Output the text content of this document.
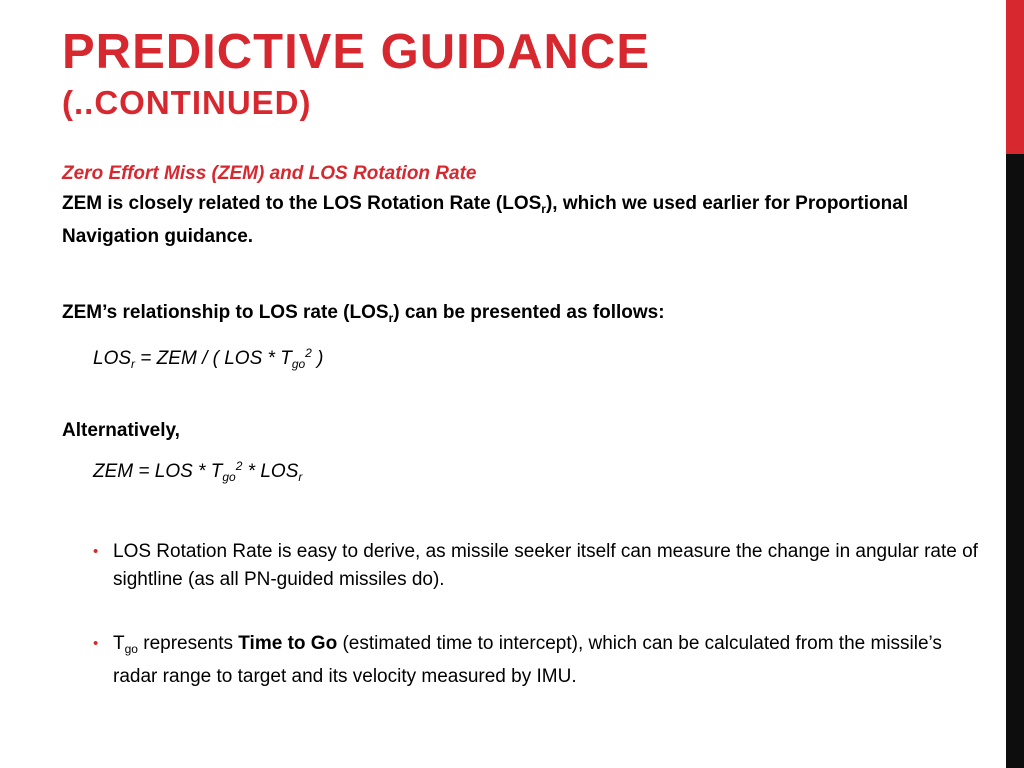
PREDICTIVE GUIDANCE
(..CONTINUED)

Zero Effort Miss (ZEM) and LOS Rotation Rate

ZEM is closely related to the LOS Rotation Rate $(LOS_r)$, which we used earlier for Proportional Navigation guidance.

ZEM’s relationship to LOS rate $(LOS_r)$ can be presented as follows:

$LOS_r$ = ZEM / ( LOS * $T_{go}^2$ )

Alternatively,

ZEM = LOS * $T_{go}^2 * LOS_r$

• LOS Rotation Rate is easy to derive, as missile seeker itself can measure the change in angular rate of sightline (as all PN-guided missiles do).
• $T_{go}$ represents Time to Go (estimated time to intercept), which can be calculated from the missile’s radar range to target and its velocity measured by IMU.
